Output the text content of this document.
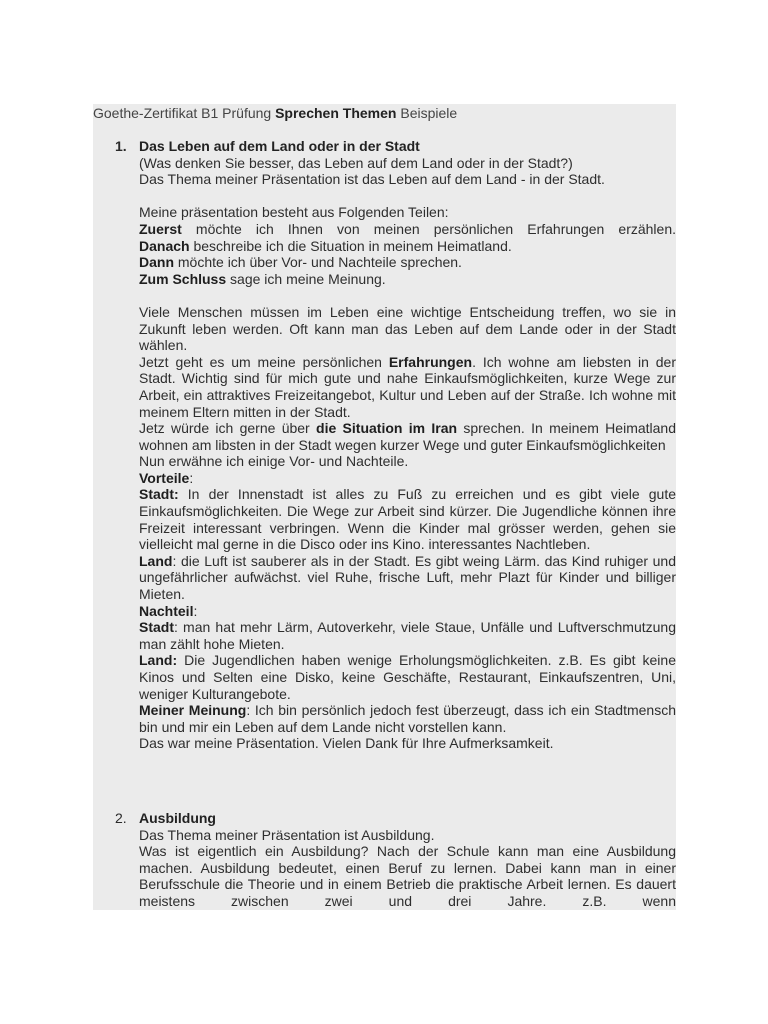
Goethe-Zertifikat B1 Prüfung Sprechen Themen Beispiele
1. Das Leben auf dem Land oder in der Stadt
(Was denken Sie besser, das Leben auf dem Land oder in der Stadt?)
Das Thema meiner Präsentation ist das Leben auf dem Land - in der Stadt.
Meine präsentation besteht aus Folgenden Teilen:
Zuerst möchte ich Ihnen von meinen persönlichen Erfahrungen erzählen.
Danach beschreibe ich die Situation in meinem Heimatland.
Dann möchte ich über Vor- und Nachteile sprechen.
Zum Schluss sage ich meine Meinung.
Viele Menschen müssen im Leben eine wichtige Entscheidung treffen, wo sie in Zukunft leben werden. Oft kann man das Leben auf dem Lande oder in der Stadt wählen.
Jetzt geht es um meine persönlichen Erfahrungen. Ich wohne am liebsten in der Stadt. Wichtig sind für mich gute und nahe Einkaufsmöglichkeiten, kurze Wege zur Arbeit, ein attraktives Freizeitangebot, Kultur und Leben auf der Straße. Ich wohne mit meinem Eltern mitten in der Stadt.
Jetz würde ich gerne über die Situation im Iran sprechen. In meinem Heimatland wohnen am libsten in der Stadt wegen kurzer Wege und guter Einkaufsmöglichkeiten
Nun erwähne ich einige Vor- und Nachteile.
Vorteile:
Stadt: In der Innenstadt ist alles zu Fuß zu erreichen und es gibt viele gute Einkaufsmöglichkeiten. Die Wege zur Arbeit sind kürzer. Die Jugendliche können ihre Freizeit interessant verbringen. Wenn die Kinder mal grösser werden, gehen sie vielleicht mal gerne in die Disco oder ins Kino. interessantes Nachtleben.
Land: die Luft ist sauberer als in der Stadt. Es gibt weing Lärm. das Kind ruhiger und ungefährlicher aufwächst. viel Ruhe, frische Luft, mehr Plazt für Kinder und billiger Mieten.
Nachteil:
Stadt: man hat mehr Lärm, Autoverkehr, viele Staue, Unfälle und Luftverschmutzung man zählt hohe Mieten.
Land: Die Jugendlichen haben wenige Erholungsmöglichkeiten. z.B. Es gibt keine Kinos und Selten eine Disko, keine Geschäfte, Restaurant, Einkaufszentren, Uni, weniger Kulturangebote.
Meiner Meinung: Ich bin persönlich jedoch fest überzeugt, dass ich ein Stadtmensch bin und mir ein Leben auf dem Lande nicht vorstellen kann.
Das war meine Präsentation. Vielen Dank für Ihre Aufmerksamkeit.
2. Ausbildung
Das Thema meiner Präsentation ist Ausbildung.
Was ist eigentlich ein Ausbildung? Nach der Schule kann man eine Ausbildung machen. Ausbildung bedeutet, einen Beruf zu lernen. Dabei kann man in einer Berufsschule die Theorie und in einem Betrieb die praktische Arbeit lernen. Es dauert meistens zwischen zwei und drei Jahre. z.B. wenn
